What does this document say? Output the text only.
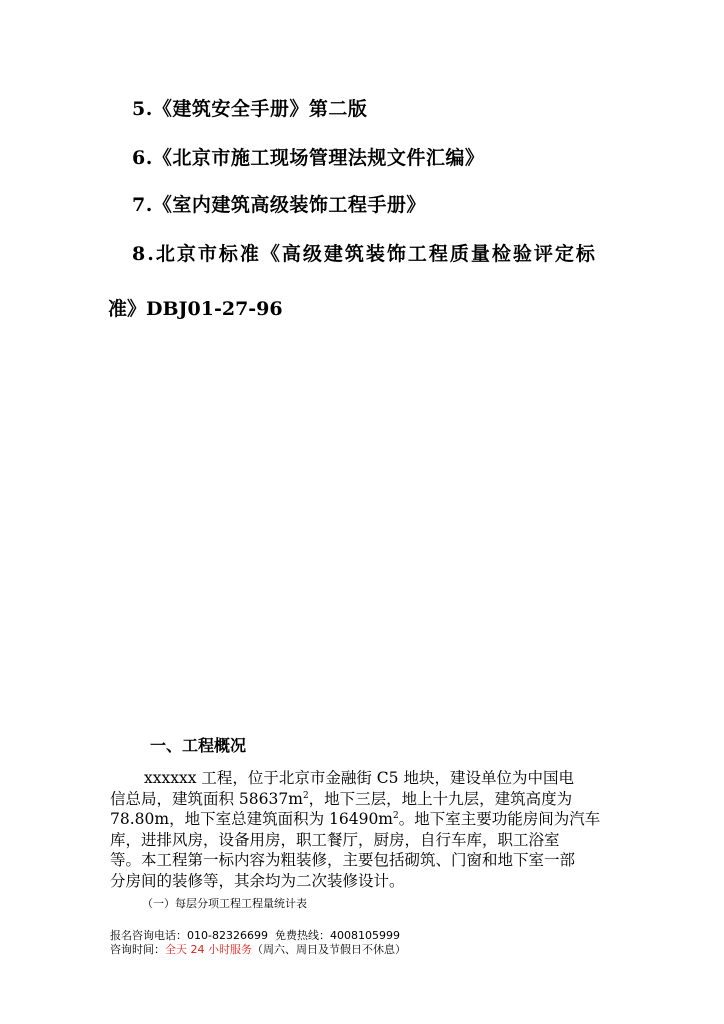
5.《建筑安全手册》第二版
6.《北京市施工现场管理法规文件汇编》
7.《室内建筑高级装饰工程手册》
8.北京市标准《高级建筑装饰工程质量检验评定标
准》DBJ01-27-96
一、工程概况

xxxxxx 工程，位于北京市金融街 C5 地块，建设单位为中国电

信总局，建筑面积 $58637m^2$，地下三层，地上十九层，建筑高度为

78.80m，地下室总建筑面积为 $16490m^2$。地下室主要功能房间为汽车

库，进排风房，设备用房，职工餐厅，厨房，自行车库，职工浴室

等。本工程第一标内容为粗装修，主要包括砌筑、门窗和地下室一部

分房间的装修等，其余均为二次装修设计。

（一）每层分项工程工程量统计表
报名咨询电话：010-82326699 免费热线：4008105999
咨询时间：全天 24 小时服务（周六、周日及节假日不休息）
